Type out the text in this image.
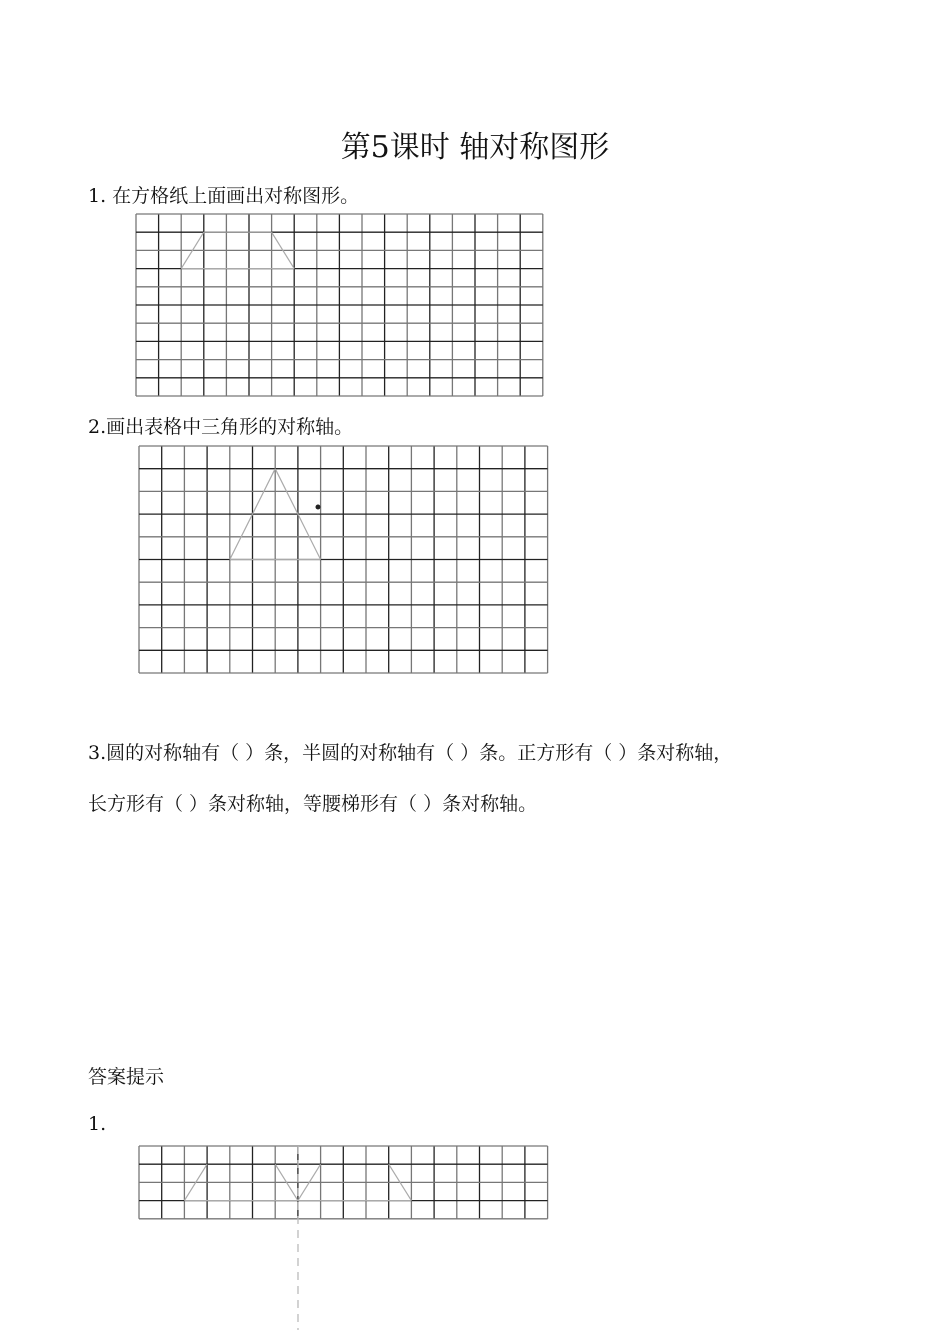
第5课时 轴对称图形
1. 在方格纸上面画出对称图形。
2.画出表格中三角形的对称轴。
3.圆的对称轴有（ ）条，半圆的对称轴有（ ）条。正方形有（ ）条对称轴，
长方形有（ ）条对称轴，等腰梯形有（ ）条对称轴。
答案提示
1.
